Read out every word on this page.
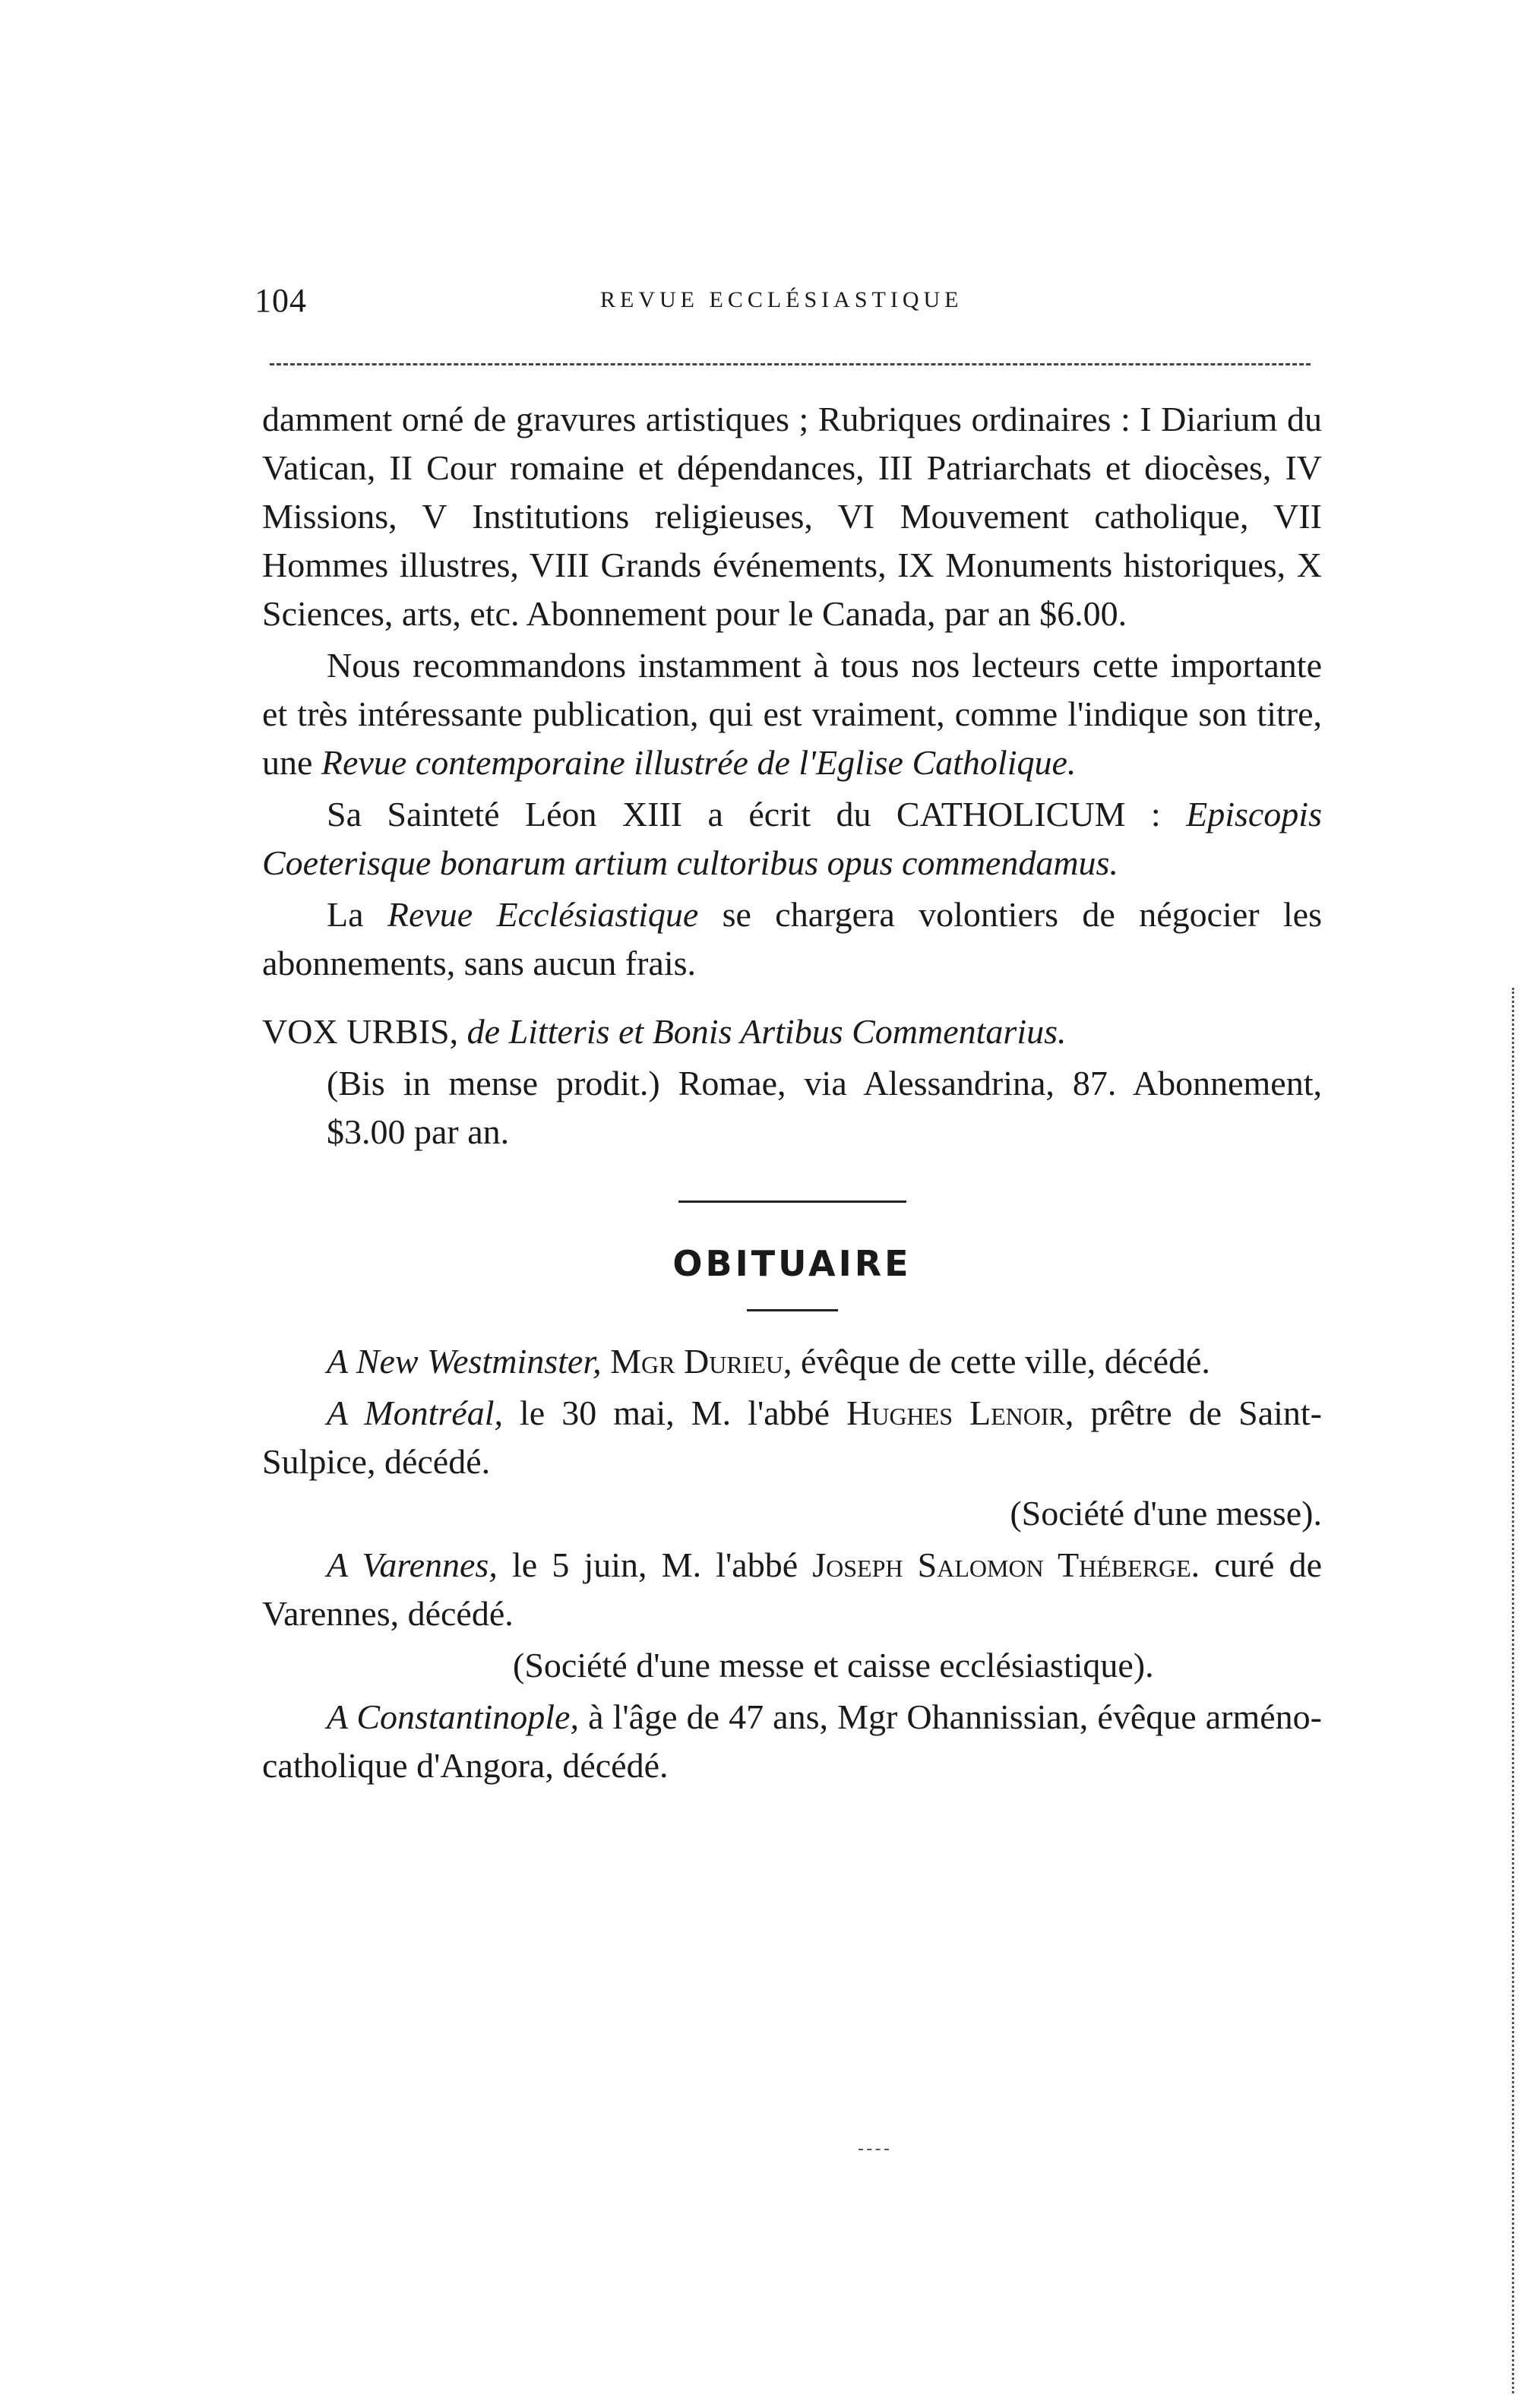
104	REVUE ECCLÉSIASTIQUE

damment orné de gravures artistiques ; Rubriques ordinaires : I Diarium du Vatican, II Cour romaine et dépendances, III Patriarchats et diocèses, IV Missions, V Institutions religieuses, VI Mouvement catholique, VII Hommes illustres, VIII Grands événements, IX Monuments historiques, X Sciences, arts, etc. Abonnement pour le Canada, par an $6.00.

Nous recommandons instamment à tous nos lecteurs cette importante et très intéressante publication, qui est vraiment, comme l'indique son titre, une Revue contemporaine illustrée de l'Eglise Catholique.

Sa Sainteté Léon XIII a écrit du CATHOLICUM : Episcopis Coeterisque bonarum artium cultoribus opus commendamus.

La Revue Ecclésiastique se chargera volontiers de négocier les abonnements, sans aucun frais.

VOX URBIS, de Litteris et Bonis Artibus Commentarius.

(Bis in mense prodit.) Romae, via Alessandrina, 87. Abonnement, $3.00 par an.

OBITUAIRE

A New Westminster, Mgr Durieu, évêque de cette ville, décédé.

A Montréal, le 30 mai, M. l'abbé Hughes Lenoir, prêtre de Saint-Sulpice, décédé.

(Société d'une messe).

A Varennes, le 5 juin, M. l'abbé Joseph Salomon Théberge. curé de Varennes, décédé.

(Société d'une messe et caisse ecclésiastique).

A Constantinople, à l'âge de 47 ans, Mgr Ohannissian, évêque arméno-catholique d'Angora, décédé.
